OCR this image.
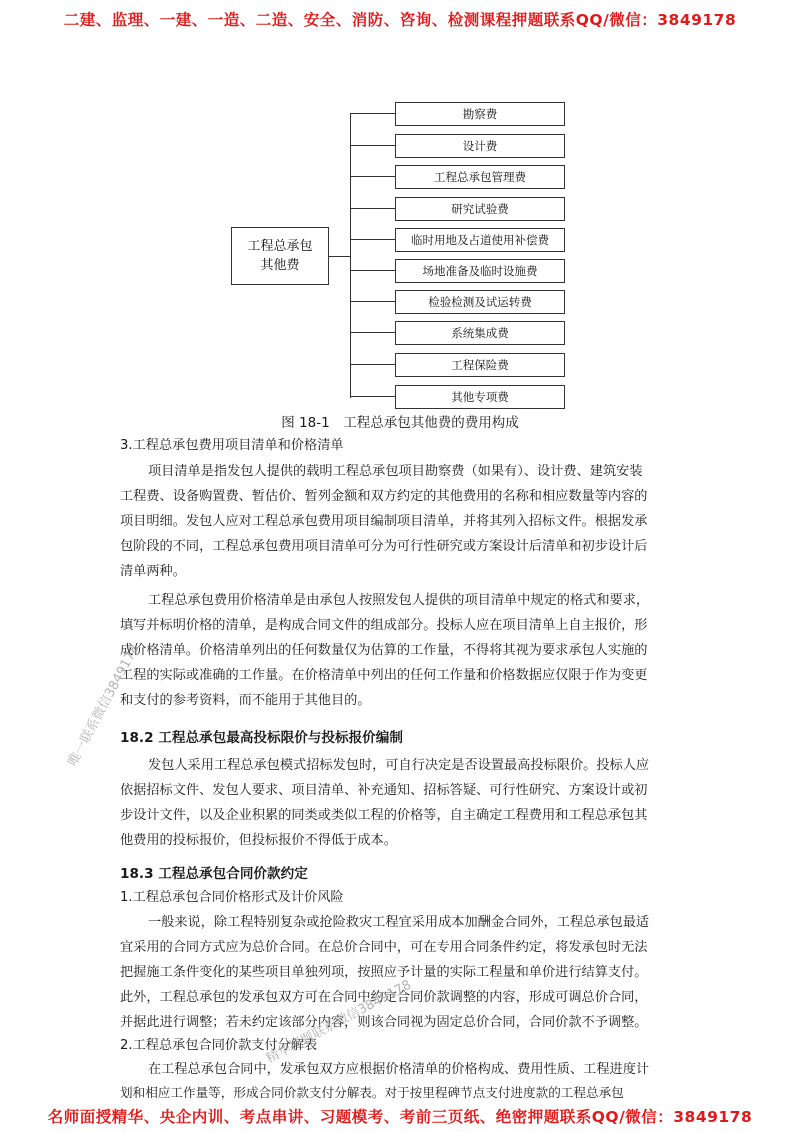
二建、监理、一建、一造、二造、安全、消防、咨询、检测课程押题联系QQ/微信：3849178
工程总承包
其他费
勘察费
设计费
工程总承包管理费
研究试验费
临时用地及占道使用补偿费
场地准备及临时设施费
检验检测及试运转费
系统集成费
工程保险费
其他专项费
图 18-1　工程总承包其他费的费用构成
3.工程总承包费用项目清单和价格清单
项目清单是指发包人提供的载明工程总承包项目勘察费（如果有）、设计费、建筑安装
工程费、设备购置费、暂估价、暂列金额和双方约定的其他费用的名称和相应数量等内容的
项目明细。发包人应对工程总承包费用项目编制项目清单，并将其列入招标文件。根据发承
包阶段的不同，工程总承包费用项目清单可分为可行性研究或方案设计后清单和初步设计后
清单两种。
工程总承包费用价格清单是由承包人按照发包人提供的项目清单中规定的格式和要求，
填写并标明价格的清单，是构成合同文件的组成部分。投标人应在项目清单上自主报价，形
成价格清单。价格清单列出的任何数量仅为估算的工作量，不得将其视为要求承包人实施的
工程的实际或准确的工作量。在价格清单中列出的任何工作量和价格数据应仅限于作为变更
和支付的参考资料，而不能用于其他目的。
18.2 工程总承包最高投标限价与投标报价编制
发包人采用工程总承包模式招标发包时，可自行决定是否设置最高投标限价。投标人应
依据招标文件、发包人要求、项目清单、补充通知、招标答疑、可行性研究、方案设计或初
步设计文件，以及企业积累的同类或类似工程的价格等，自主确定工程费用和工程总承包其
他费用的投标报价，但投标报价不得低于成本。
18.3 工程总承包合同价款约定
1.工程总承包合同价格形式及计价风险
一般来说，除工程特别复杂或抢险救灾工程宜采用成本加酬金合同外，工程总承包最适
宜采用的合同方式应为总价合同。在总价合同中，可在专用合同条件约定，将发承包时无法
把握施工条件变化的某些项目单独列项，按照应予计量的实际工程量和单价进行结算支付。
此外，工程总承包的发承包双方可在合同中约定合同价款调整的内容，形成可调总价合同，
并据此进行调整；若未约定该部分内容，则该合同视为固定总价合同，合同价款不予调整。
2.工程总承包合同价款支付分解表
在工程总承包合同中，发承包双方应根据价格清单的价格构成、费用性质、工程进度计
划和相应工作量等，形成合同价款支付分解表。对于按里程碑节点支付进度款的工程总承包
唯一联系微信3849178
精华押题联系微信3849178
名师面授精华、央企内训、考点串讲、习题模考、考前三页纸、绝密押题联系QQ/微信：3849178
